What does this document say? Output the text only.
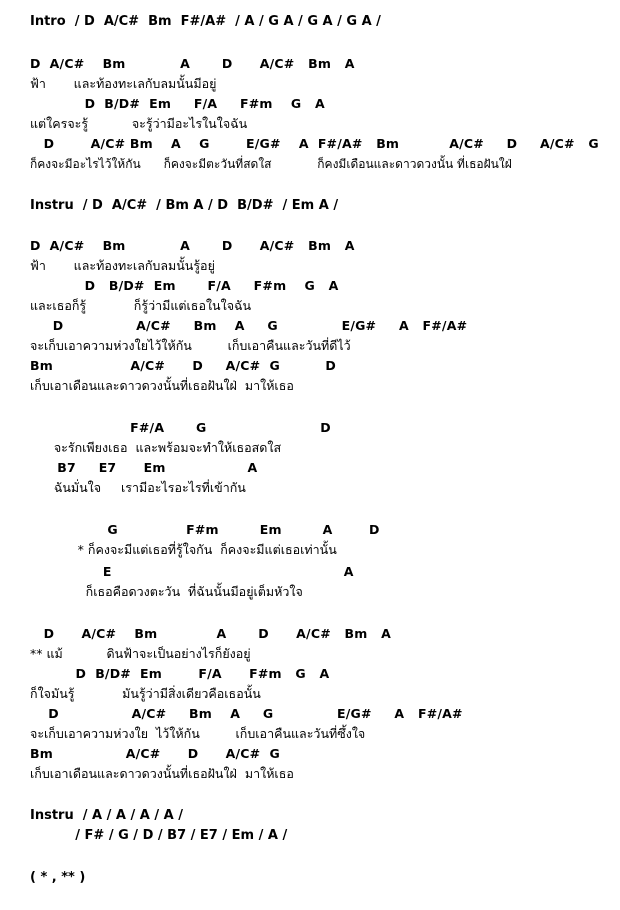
Intro  / D  A/C#  Bm  F#/A#  / A / G A / G A / G A /
D  A/C#    Bm            A       D      A/C#   Bm   A
ฟ้า       และท้องทะเลกับลมนั้นมีอยู่
D  B/D#  Em     F/A     F#m    G   A
แต่ใครจะรู้           จะรู้ว่ามีอะไรในใจฉัน
D        A/C# Bm    A    G        E/G#    A  F#/A#   Bm           A/C#     D     A/C#   G
ก็คงจะมีอะไรไว้ให้กัน      ก็คงจะมีตะวันที่สดใส            ก็คงมีเดือนและดาวดวงนั้น ที่เธอฝันใฝ่
Instru  / D  A/C#  / Bm A / D  B/D#  / Em A /
D  A/C#    Bm            A       D      A/C#   Bm   A
ฟ้า       และท้องทะเลกับลมนั้นรู้อยู่
D   B/D#  Em       F/A     F#m    G   A
และเธอก็รู้            ก็รู้ว่ามีแต่เธอในใจฉัน
D                A/C#     Bm    A     G              E/G#     A   F#/A#
จะเก็บเอาความห่วงใยไว้ให้กัน         เก็บเอาคืนและวันที่ดีไว้
Bm                 A/C#      D     A/C#  G          D
เก็บเอาเดือนและดาวดวงนั้นที่เธอฝันใฝ่  มาให้เธอ
F#/A       G                         D
จะรักเพียงเธอ  และพร้อมจะทำให้เธอสดใส
B7     E7      Em                  A
ฉันมั่นใจ     เรามีอะไรอะไรที่เข้ากัน
G               F#m         Em         A        D
* ก็คงจะมีแต่เธอที่รู้ใจกัน  ก็คงจะมีแต่เธอเท่านั้น
E                                                   A
ก็เธอคือดวงตะวัน  ที่ฉันนั้นมีอยู่เต็มหัวใจ
D      A/C#    Bm             A       D      A/C#   Bm   A
** แม้           ดินฟ้าจะเป็นอย่างไรก็ยังอยู่
D  B/D#  Em        F/A      F#m   G   A
ก็ใจมันรู้            มันรู้ว่ามีสิ่งเดียวคือเธอนั้น
D                A/C#     Bm    A     G              E/G#     A   F#/A#
จะเก็บเอาความห่วงใย  ไว้ให้กัน         เก็บเอาคืนและวันที่ซึ้งใจ
Bm                A/C#      D      A/C#  G
เก็บเอาเดือนและดาวดวงนั้นที่เธอฝันใฝ่  มาให้เธอ
Instru  / A / A / A / A /
/ F# / G / D / B7 / E7 / Em / A /
( * , ** )
